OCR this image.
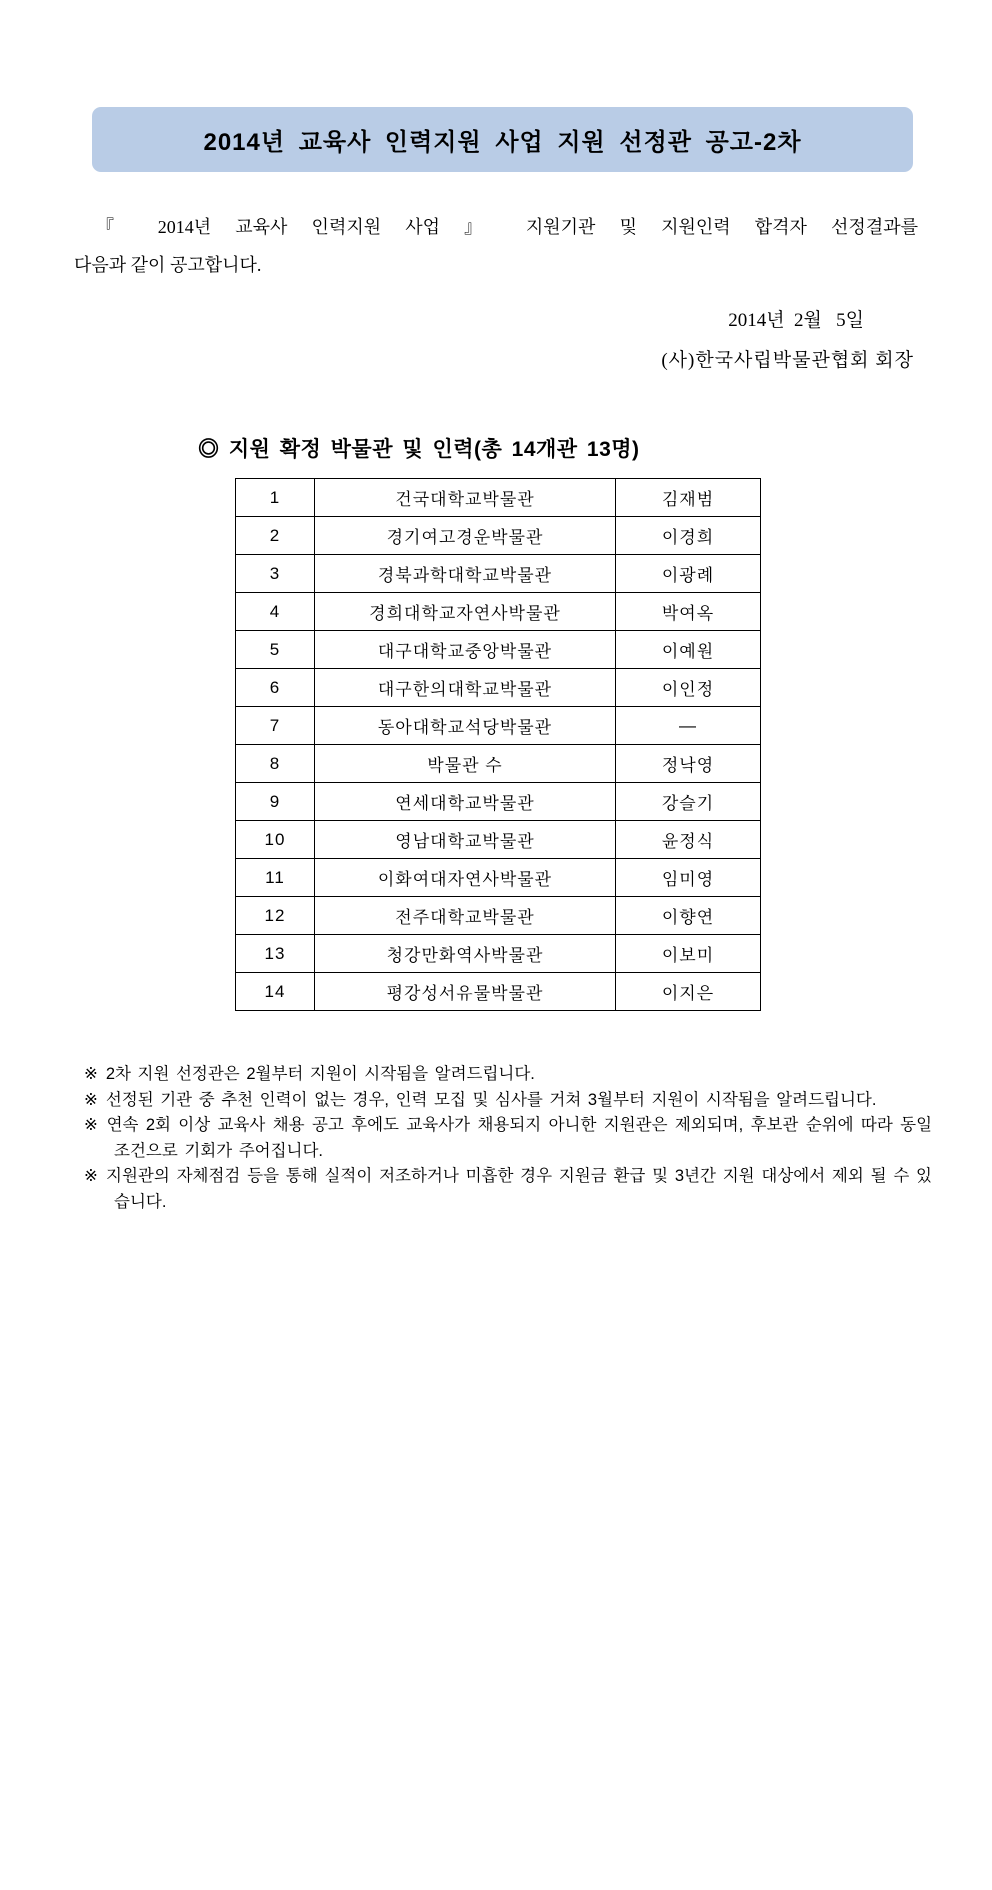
2014년 교육사 인력지원 사업 지원 선정관 공고-2차
『 2014년 교육사 인력지원 사업 』 지원기관 및 지원인력 합격자 선정결과를
다음과 같이 공고합니다.
2014년  2월   5일
(사)한국사립박물관협회 회장
◎ 지원 확정 박물관 및 인력(총 14개관 13명)
1	건국대학교박물관	김재범
2	경기여고경운박물관	이경희
3	경북과학대학교박물관	이광례
4	경희대학교자연사박물관	박여옥
5	대구대학교중앙박물관	이예원
6	대구한의대학교박물관	이인정
7	동아대학교석당박물관	—
8	박물관 수	정낙영
9	연세대학교박물관	강슬기
10	영남대학교박물관	윤정식
11	이화여대자연사박물관	임미영
12	전주대학교박물관	이향연
13	청강만화역사박물관	이보미
14	평강성서유물박물관	이지은
※ 2차 지원 선정관은 2월부터 지원이 시작됨을 알려드립니다.
※ 선정된 기관 중 추천 인력이 없는 경우, 인력 모집 및 심사를 거쳐 3월부터 지원이 시작됨을 알려드립니다.
※ 연속 2회 이상 교육사 채용 공고 후에도 교육사가 채용되지 아니한 지원관은 제외되며, 후보관 순위에 따라 동일조건으로 기회가 주어집니다.
※ 지원관의 자체점검 등을 통해 실적이 저조하거나 미흡한 경우 지원금 환급 및 3년간 지원 대상에서 제외 될 수 있습니다.
